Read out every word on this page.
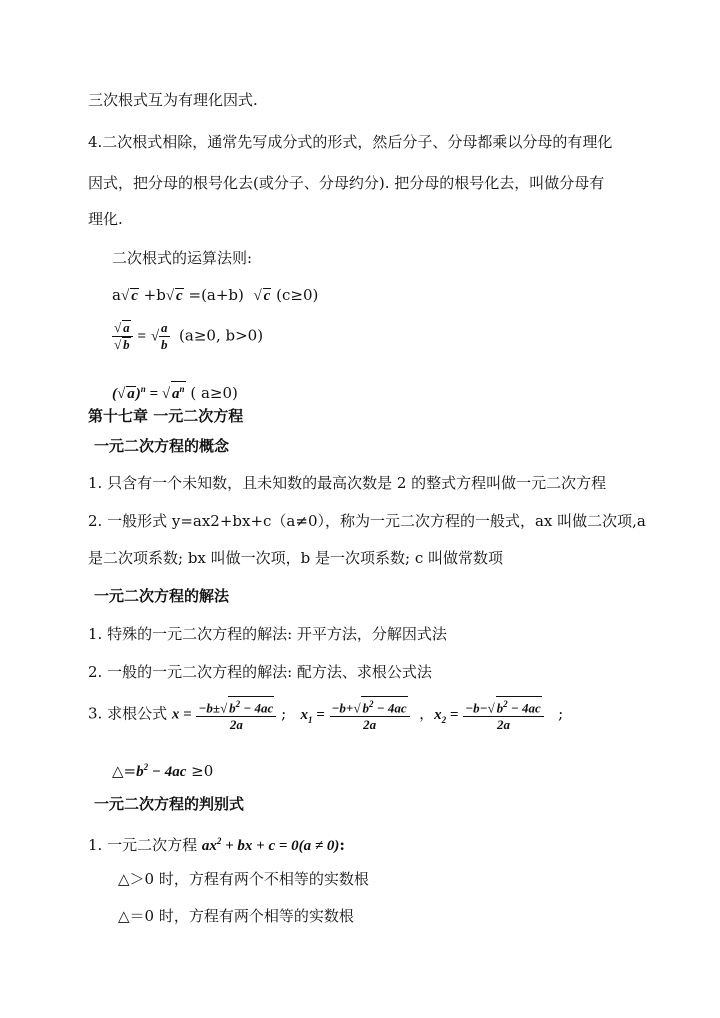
三次根式互为有理化因式.
4.二次根式相除，通常先写成分式的形式，然后分子、分母都乘以分母的有理化
因式，把分母的根号化去(或分子、分母约分). 把分母的根号化去，叫做分母有
理化.
二次根式的运算法则:
a√ c +b√ c =(a+b) √ c (c≥0)
$\frac{√ a}{√ b}$ = √ $\frac{a}{b} (a\ge 0$, b>0)
(√ a)$^n$ = √ $a^n$ ( a≥0)
第十七章 一元二次方程
一元二次方程的概念
1. 只含有一个未知数，且未知数的最高次数是 2 的整式方程叫做一元二次方程
2. 一般形式 y=ax2+bx+c（a≠0），称为一元二次方程的一般式，ax 叫做二次项,a
是二次项系数; bx 叫做一次项，b 是一次项系数; c 叫做常数项
一元二次方程的解法
1. 特殊的一元二次方程的解法: 开平方法，分解因式法
2. 一般的一元二次方程的解法: 配方法、求根公式法
3. 求根公式 $x = \frac{-b\pm√ b^2 - 4ac}{2a}$ ; $x_1 = \frac{-b+√ b^2 - 4ac}{2a}$ ，$x_2 = \frac{-b-√ b^2 - 4ac}{2a}$ ;
$\triangle=b^2 - 4ac \ge 0$
一元二次方程的判别式
1. 一元二次方程 $ax^2$ + bx + c = 0(a ≠ 0):
△＞0 时，方程有两个不相等的实数根
△＝0 时，方程有两个相等的实数根
